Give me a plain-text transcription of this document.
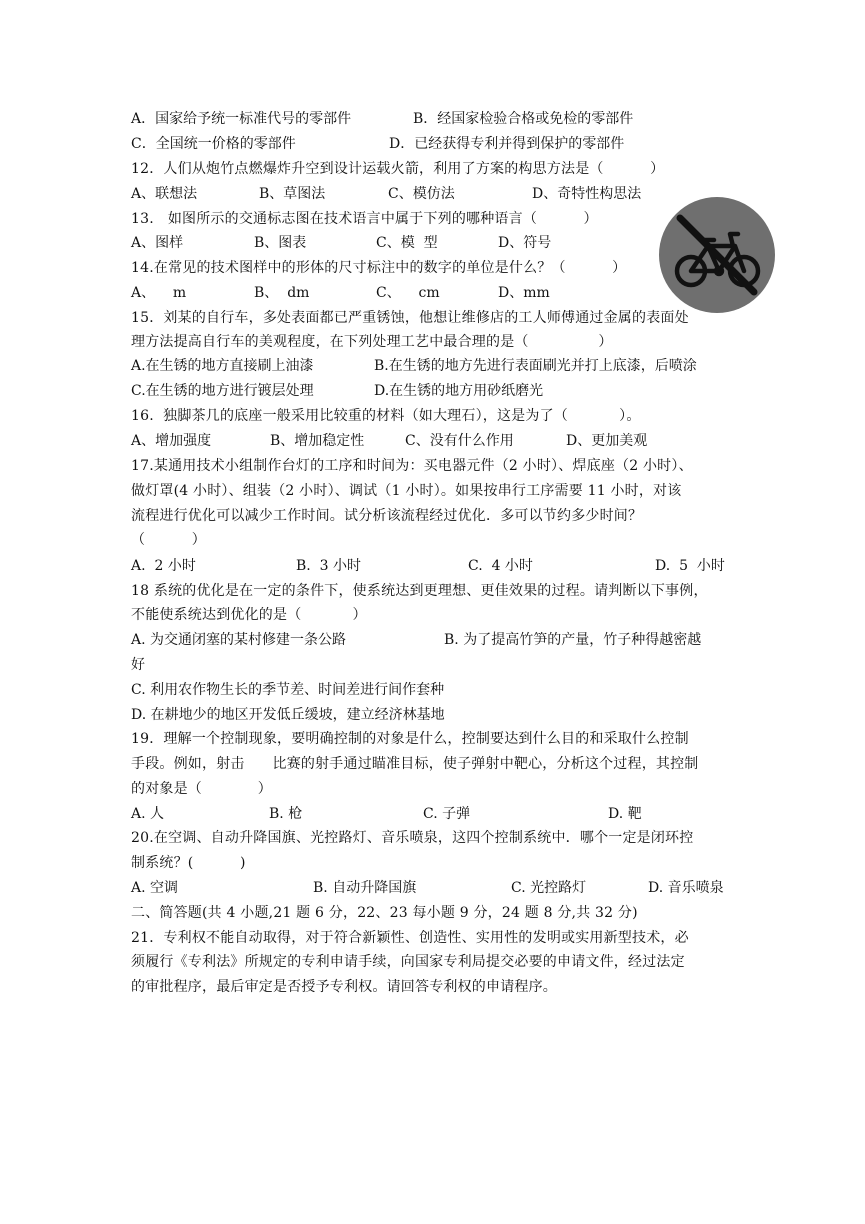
A．国家给予统一标准代号的零部件	B．经国家检验合格或免检的零部件
C．全国统一价格的零部件	D．已经获得专利并得到保护的零部件
12．人们从炮竹点燃爆炸升空到设计运载火箭，利用了方案的构思方法是（          ）
A、联想法	B、草图法	C、模仿法	D、奇特性构思法
13.   如图所示的交通标志图在技术语言中属于下列的哪种语言（          ）
A、图样	B、图表	C、模  型	D、符号
14.在常见的技术图样中的形体的尺寸标注中的数字的单位是什么？（          ）
A、    m	B、  dm	C、    cm	D、mm
15．刘某的自行车，多处表面都已严重锈蚀，他想让维修店的工人师傅通过金属的表面处
理方法提高自行车的美观程度，在下列处理工艺中最合理的是（               ）
A.在生锈的地方直接刷上油漆	B.在生锈的地方先进行表面刷光并打上底漆，后喷涂
C.在生锈的地方进行镀层处理	D.在生锈的地方用砂纸磨光
16.  独脚茶几的底座一般采用比较重的材料（如大理石），这是为了（           ）。
A、增加强度	B、增加稳定性	C、没有什么作用	D、更加美观
17.某通用技术小组制作台灯的工序和时间为：买电器元件（2 小时）、焊底座（2 小时）、
做灯罩(4 小时）、组装（2 小时）、调试（1 小时）。如果按串行工序需要 11 小时，对该
流程进行优化可以减少工作时间。试分析该流程经过优化．多可以节约多少时间？
（          ）
A.  2 小时	B.  3 小时	C.  4 小时	D.  5  小时
18 系统的优化是在一定的条件下，使系统达到更理想、更佳效果的过程。请判断以下事例，
不能使系统达到优化的是（           ）
A. 为交通闭塞的某村修建一条公路	B. 为了提高竹笋的产量，竹子种得越密越
好
C. 利用农作物生长的季节差、时间差进行间作套种
D. 在耕地少的地区开发低丘缓坡，建立经济林基地
19．理解一个控制现象，要明确控制的对象是什么，控制要达到什么目的和采取什么控制
手段。例如，射击      比赛的射手通过瞄准目标，使子弹射中靶心，分析这个过程，其控制
的对象是（            ）
A. 人	B. 枪	C. 子弹	D. 靶
20.在空调、自动升降国旗、光控路灯、音乐喷泉，这四个控制系统中．哪个一定是闭环控
制系统？(          )
A. 空调	B. 自动升降国旗	C. 光控路灯	D. 音乐喷泉
二、简答题(共 4 小题,21 题 6 分，22、23 每小题 9 分，24 题 8 分,共 32 分)
21．专利权不能自动取得，对于符合新颖性、创造性、实用性的发明或实用新型技术，必
须履行《专利法》所规定的专利申请手续，向国家专利局提交必要的申请文件，经过法定
的审批程序，最后审定是否授予专利权。请回答专利权的申请程序。
